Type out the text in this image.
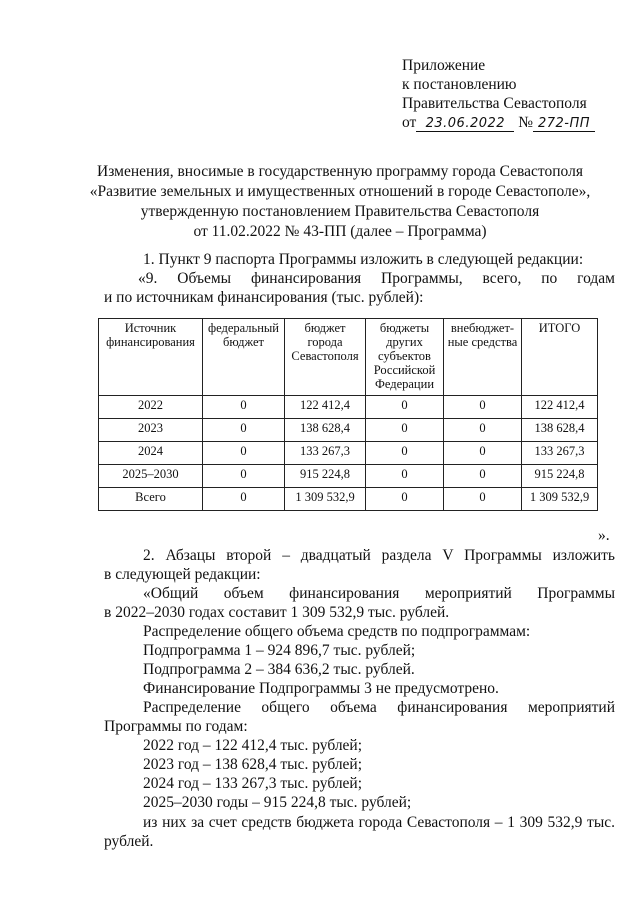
Приложение
к постановлению
Правительства Севастополя
от 23.06.2022 № 272-ПП
Изменения, вносимые в государственную программу города Севастополя
«Развитие земельных и имущественных отношений в городе Севастополе»,
утвержденную постановлением Правительства Севастополя
от 11.02.2022 № 43-ПП (далее – Программа)
1. Пункт 9 паспорта Программы изложить в следующей редакции:
«9. Объемы финансирования Программы, всего, по годам
и по источникам финансирования (тыс. рублей):
Источник финансирования	федеральный бюджет	бюджет города Севастополя	бюджеты других субъектов Российской Федерации	внебюджет-ные средства	ИТОГО
2022	0	122 412,4	0	0	122 412,4
2023	0	138 628,4	0	0	138 628,4
2024	0	133 267,3	0	0	133 267,3
2025–2030	0	915 224,8	0	0	915 224,8
Всего	0	1 309 532,9	0	0	1 309 532,9
».
2. Абзацы второй – двадцатый раздела V Программы изложить
в следующей редакции:
«Общий объем финансирования мероприятий Программы
в 2022–2030 годах составит 1 309 532,9 тыс. рублей.
Распределение общего объема средств по подпрограммам:
Подпрограмма 1 – 924 896,7 тыс. рублей;
Подпрограмма 2 – 384 636,2 тыс. рублей.
Финансирование Подпрограммы 3 не предусмотрено.
Распределение общего объема финансирования мероприятий
Программы по годам:
2022 год – 122 412,4 тыс. рублей;
2023 год – 138 628,4 тыс. рублей;
2024 год – 133 267,3 тыс. рублей;
2025–2030 годы – 915 224,8 тыс. рублей;
из них за счет средств бюджета города Севастополя – 1 309 532,9 тыс.
рублей.
